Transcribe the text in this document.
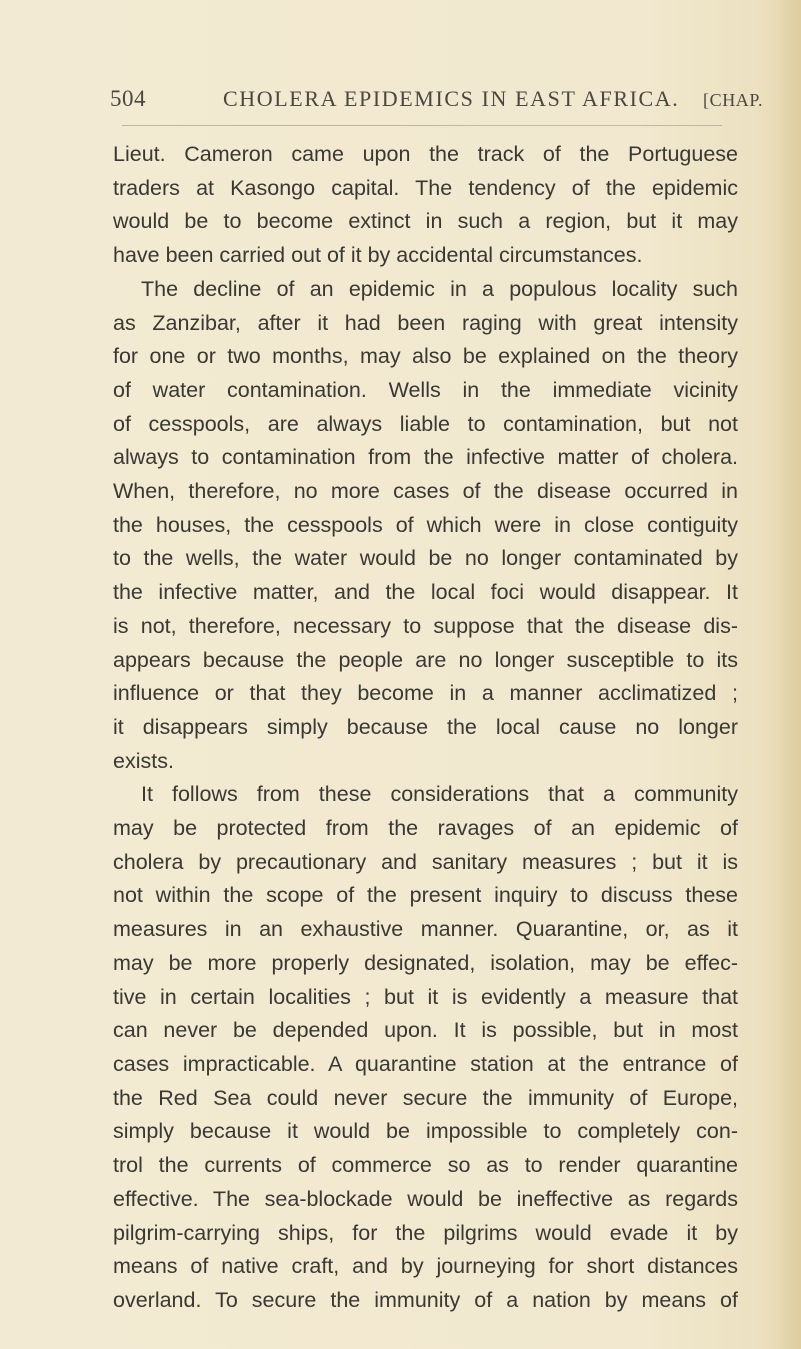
504	CHOLERA EPIDEMICS IN EAST AFRICA. [CHAP.
Lieut. Cameron came upon the track of the Portuguese
traders at Kasongo capital. The tendency of the epidemic
would be to become extinct in such a region, but it may
have been carried out of it by accidental circumstances.
The decline of an epidemic in a populous locality such
as Zanzibar, after it had been raging with great intensity
for one or two months, may also be explained on the theory
of water contamination. Wells in the immediate vicinity
of cesspools, are always liable to contamination, but not
always to contamination from the infective matter of cholera.
When, therefore, no more cases of the disease occurred in
the houses, the cesspools of which were in close contiguity
to the wells, the water would be no longer contaminated by
the infective matter, and the local foci would disappear. It
is not, therefore, necessary to suppose that the disease dis-
appears because the people are no longer susceptible to its
influence or that they become in a manner acclimatized ;
it disappears simply because the local cause no longer
exists.
It follows from these considerations that a community
may be protected from the ravages of an epidemic of
cholera by precautionary and sanitary measures ; but it is
not within the scope of the present inquiry to discuss these
measures in an exhaustive manner. Quarantine, or, as it
may be more properly designated, isolation, may be effec-
tive in certain localities ; but it is evidently a measure that
can never be depended upon. It is possible, but in most
cases impracticable. A quarantine station at the entrance of
the Red Sea could never secure the immunity of Europe,
simply because it would be impossible to completely con-
trol the currents of commerce so as to render quarantine
effective. The sea-blockade would be ineffective as regards
pilgrim-carrying ships, for the pilgrims would evade it by
means of native craft, and by journeying for short distances
overland. To secure the immunity of a nation by means of
